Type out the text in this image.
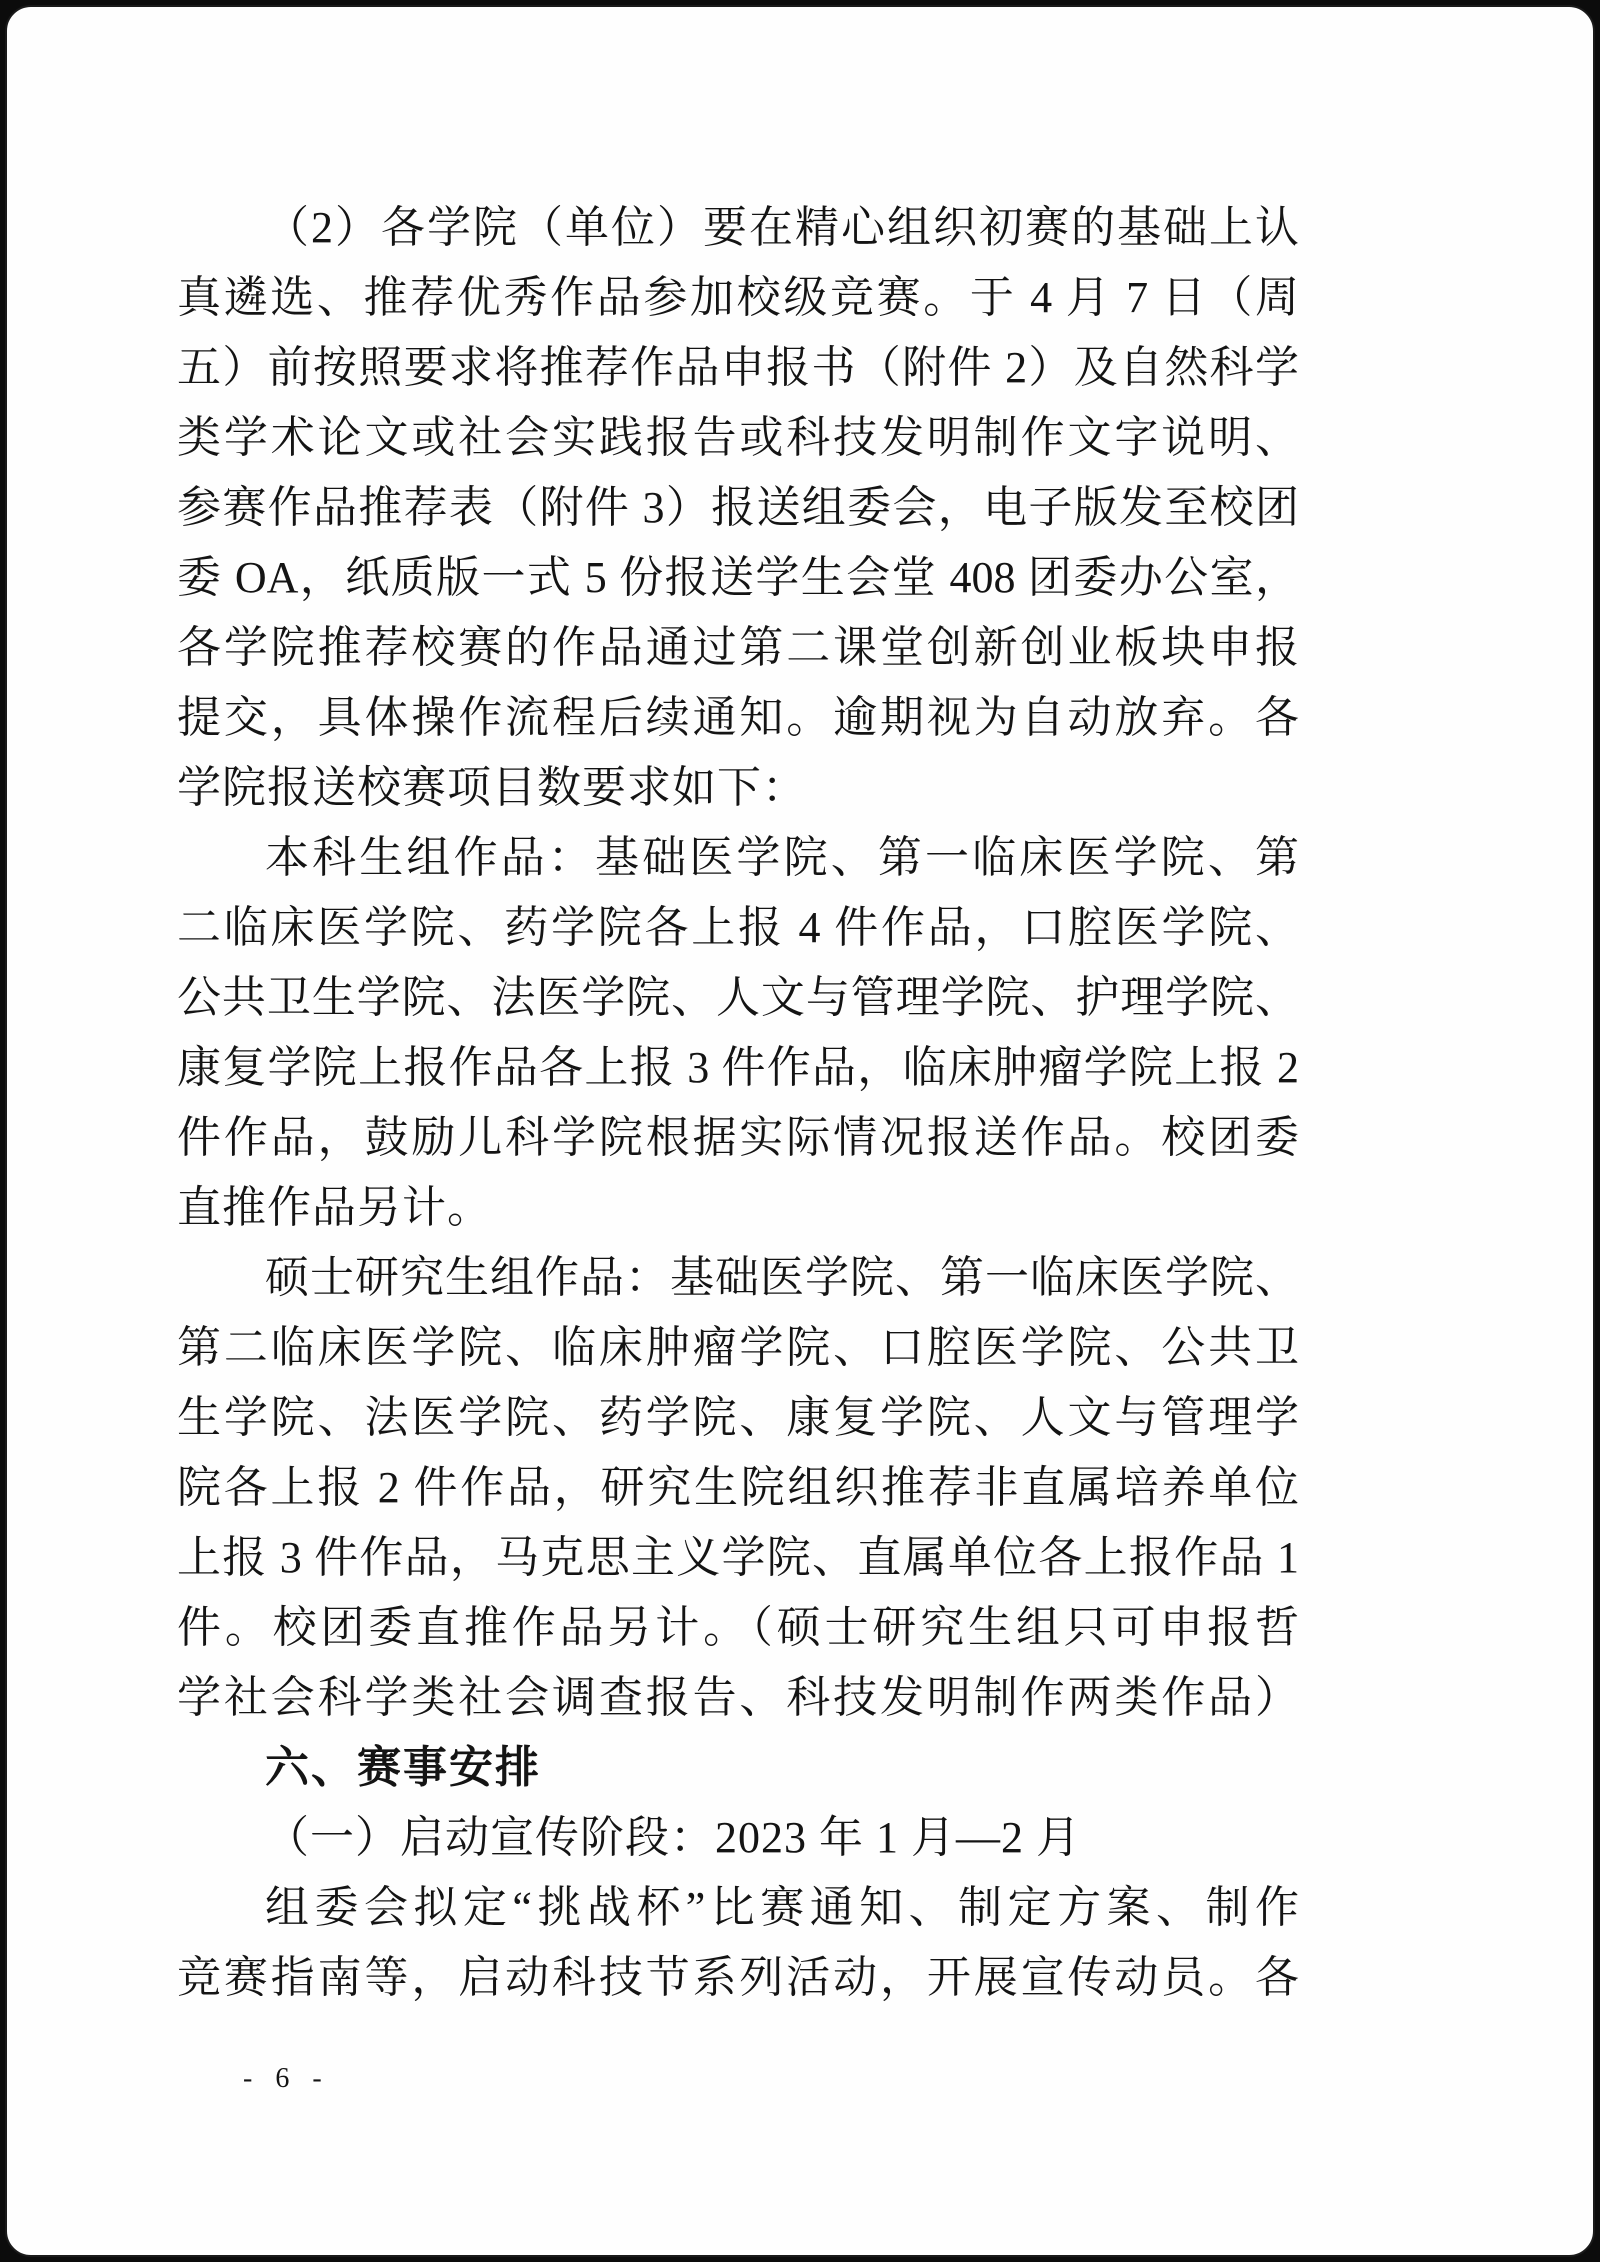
（2）各学院（单位）要在精心组织初赛的基础上认
真遴选、推荐优秀作品参加校级竞赛。于 4 月 7 日（周
五）前按照要求将推荐作品申报书（附件 2）及自然科学
类学术论文或社会实践报告或科技发明制作文字说明、
参赛作品推荐表（附件 3）报送组委会，电子版发至校团
委 OA，纸质版一式 5 份报送学生会堂 408 团委办公室，
各学院推荐校赛的作品通过第二课堂创新创业板块申报
提交，具体操作流程后续通知。逾期视为自动放弃。各
学院报送校赛项目数要求如下：
本科生组作品：基础医学院、第一临床医学院、第
二临床医学院、药学院各上报 4 件作品，口腔医学院、
公共卫生学院、法医学院、人文与管理学院、护理学院、
康复学院上报作品各上报 3 件作品，临床肿瘤学院上报 2
件作品，鼓励儿科学院根据实际情况报送作品。校团委
直推作品另计。
硕士研究生组作品：基础医学院、第一临床医学院、
第二临床医学院、临床肿瘤学院、口腔医学院、公共卫
生学院、法医学院、药学院、康复学院、人文与管理学
院各上报 2 件作品，研究生院组织推荐非直属培养单位
上报 3 件作品，马克思主义学院、直属单位各上报作品 1
件。校团委直推作品另计。（硕士研究生组只可申报哲
学社会科学类社会调查报告、科技发明制作两类作品）
六、赛事安排
（一）启动宣传阶段：2023 年 1 月—2 月
组委会拟定“挑战杯”比赛通知、制定方案、制作
竞赛指南等，启动科技节系列活动，开展宣传动员。各
- 6 -
